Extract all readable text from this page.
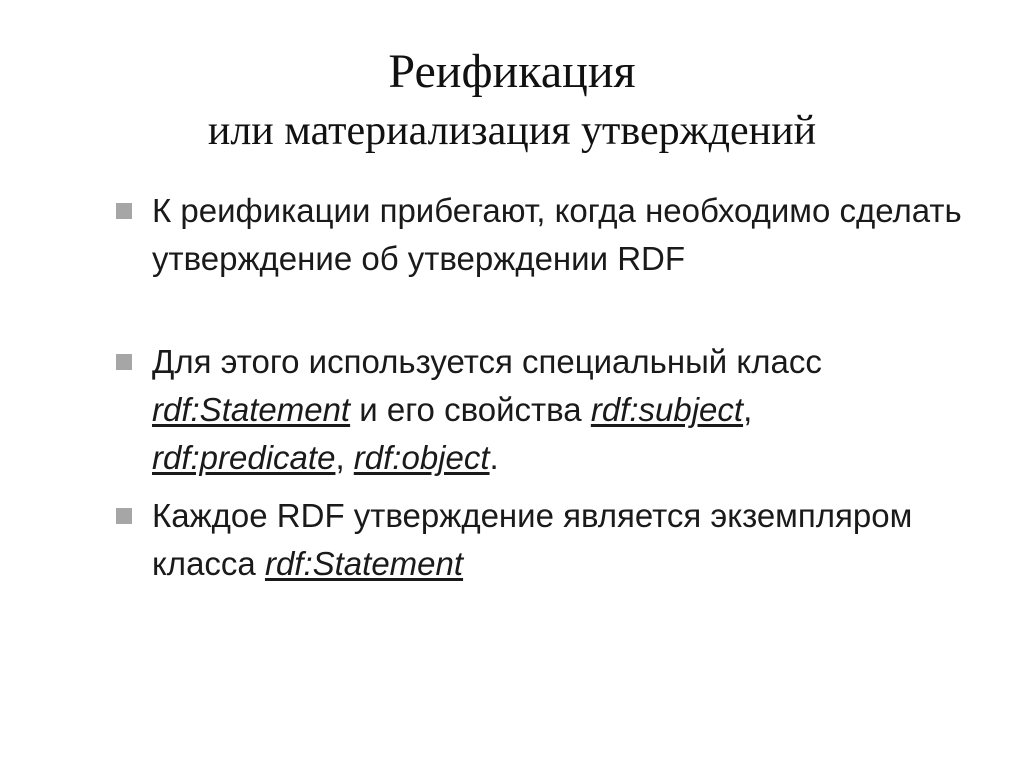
Реификация
или материализация утверждений
К реификации прибегают, когда необходимо сделать утверждение об утверждении RDF
Для этого используется специальный класс
rdf:Statement и его свойства rdf:subject,
rdf:predicate, rdf:object.
Каждое RDF утверждение является экземпляром класса rdf:Statement
